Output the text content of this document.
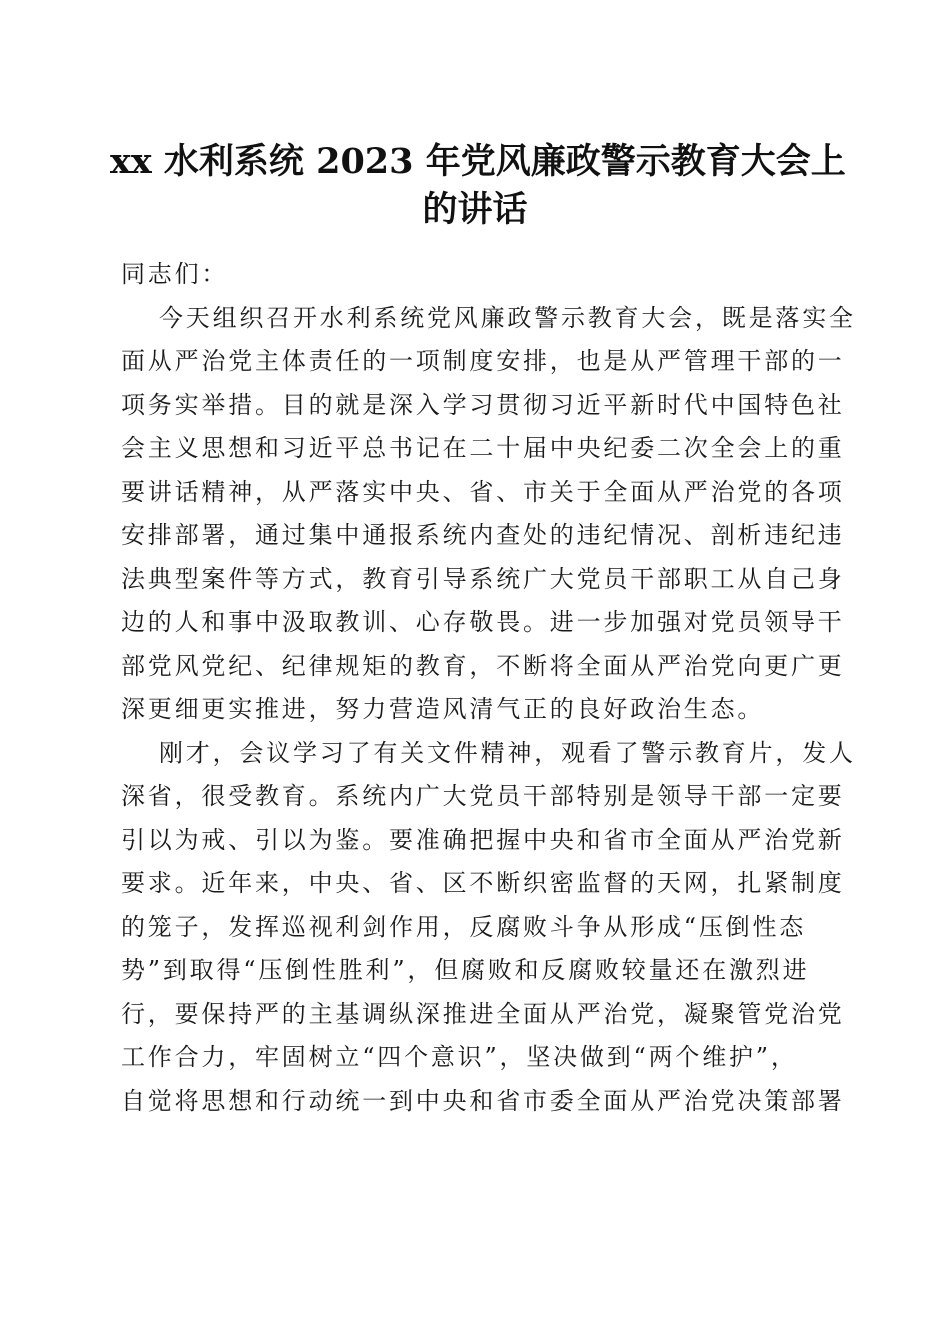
xx 水利系统 2023 年党风廉政警示教育大会上
的讲话

同志们：

今天组织召开水利系统党风廉政警示教育大会，既是落实全
面从严治党主体责任的一项制度安排，也是从严管理干部的一
项务实举措。目的就是深入学习贯彻习近平新时代中国特色社
会主义思想和习近平总书记在二十届中央纪委二次全会上的重
要讲话精神，从严落实中央、省、市关于全面从严治党的各项
安排部署，通过集中通报系统内查处的违纪情况、剖析违纪违
法典型案件等方式，教育引导系统广大党员干部职工从自己身
边的人和事中汲取教训、心存敬畏。进一步加强对党员领导干
部党风党纪、纪律规矩的教育，不断将全面从严治党向更广更
深更细更实推进，努力营造风清气正的良好政治生态。
刚才，会议学习了有关文件精神，观看了警示教育片，发人
深省，很受教育。系统内广大党员干部特别是领导干部一定要
引以为戒、引以为鉴。要准确把握中央和省市全面从严治党新
要求。近年来，中央、省、区不断织密监督的天网，扎紧制度
的笼子，发挥巡视利剑作用，反腐败斗争从形成“压倒性态
势”到取得“压倒性胜利”，但腐败和反腐败较量还在激烈进
行，要保持严的主基调纵深推进全面从严治党，凝聚管党治党
工作合力，牢固树立“四个意识”，坚决做到“两个维护”，
自觉将思想和行动统一到中央和省市委全面从严治党决策部署
